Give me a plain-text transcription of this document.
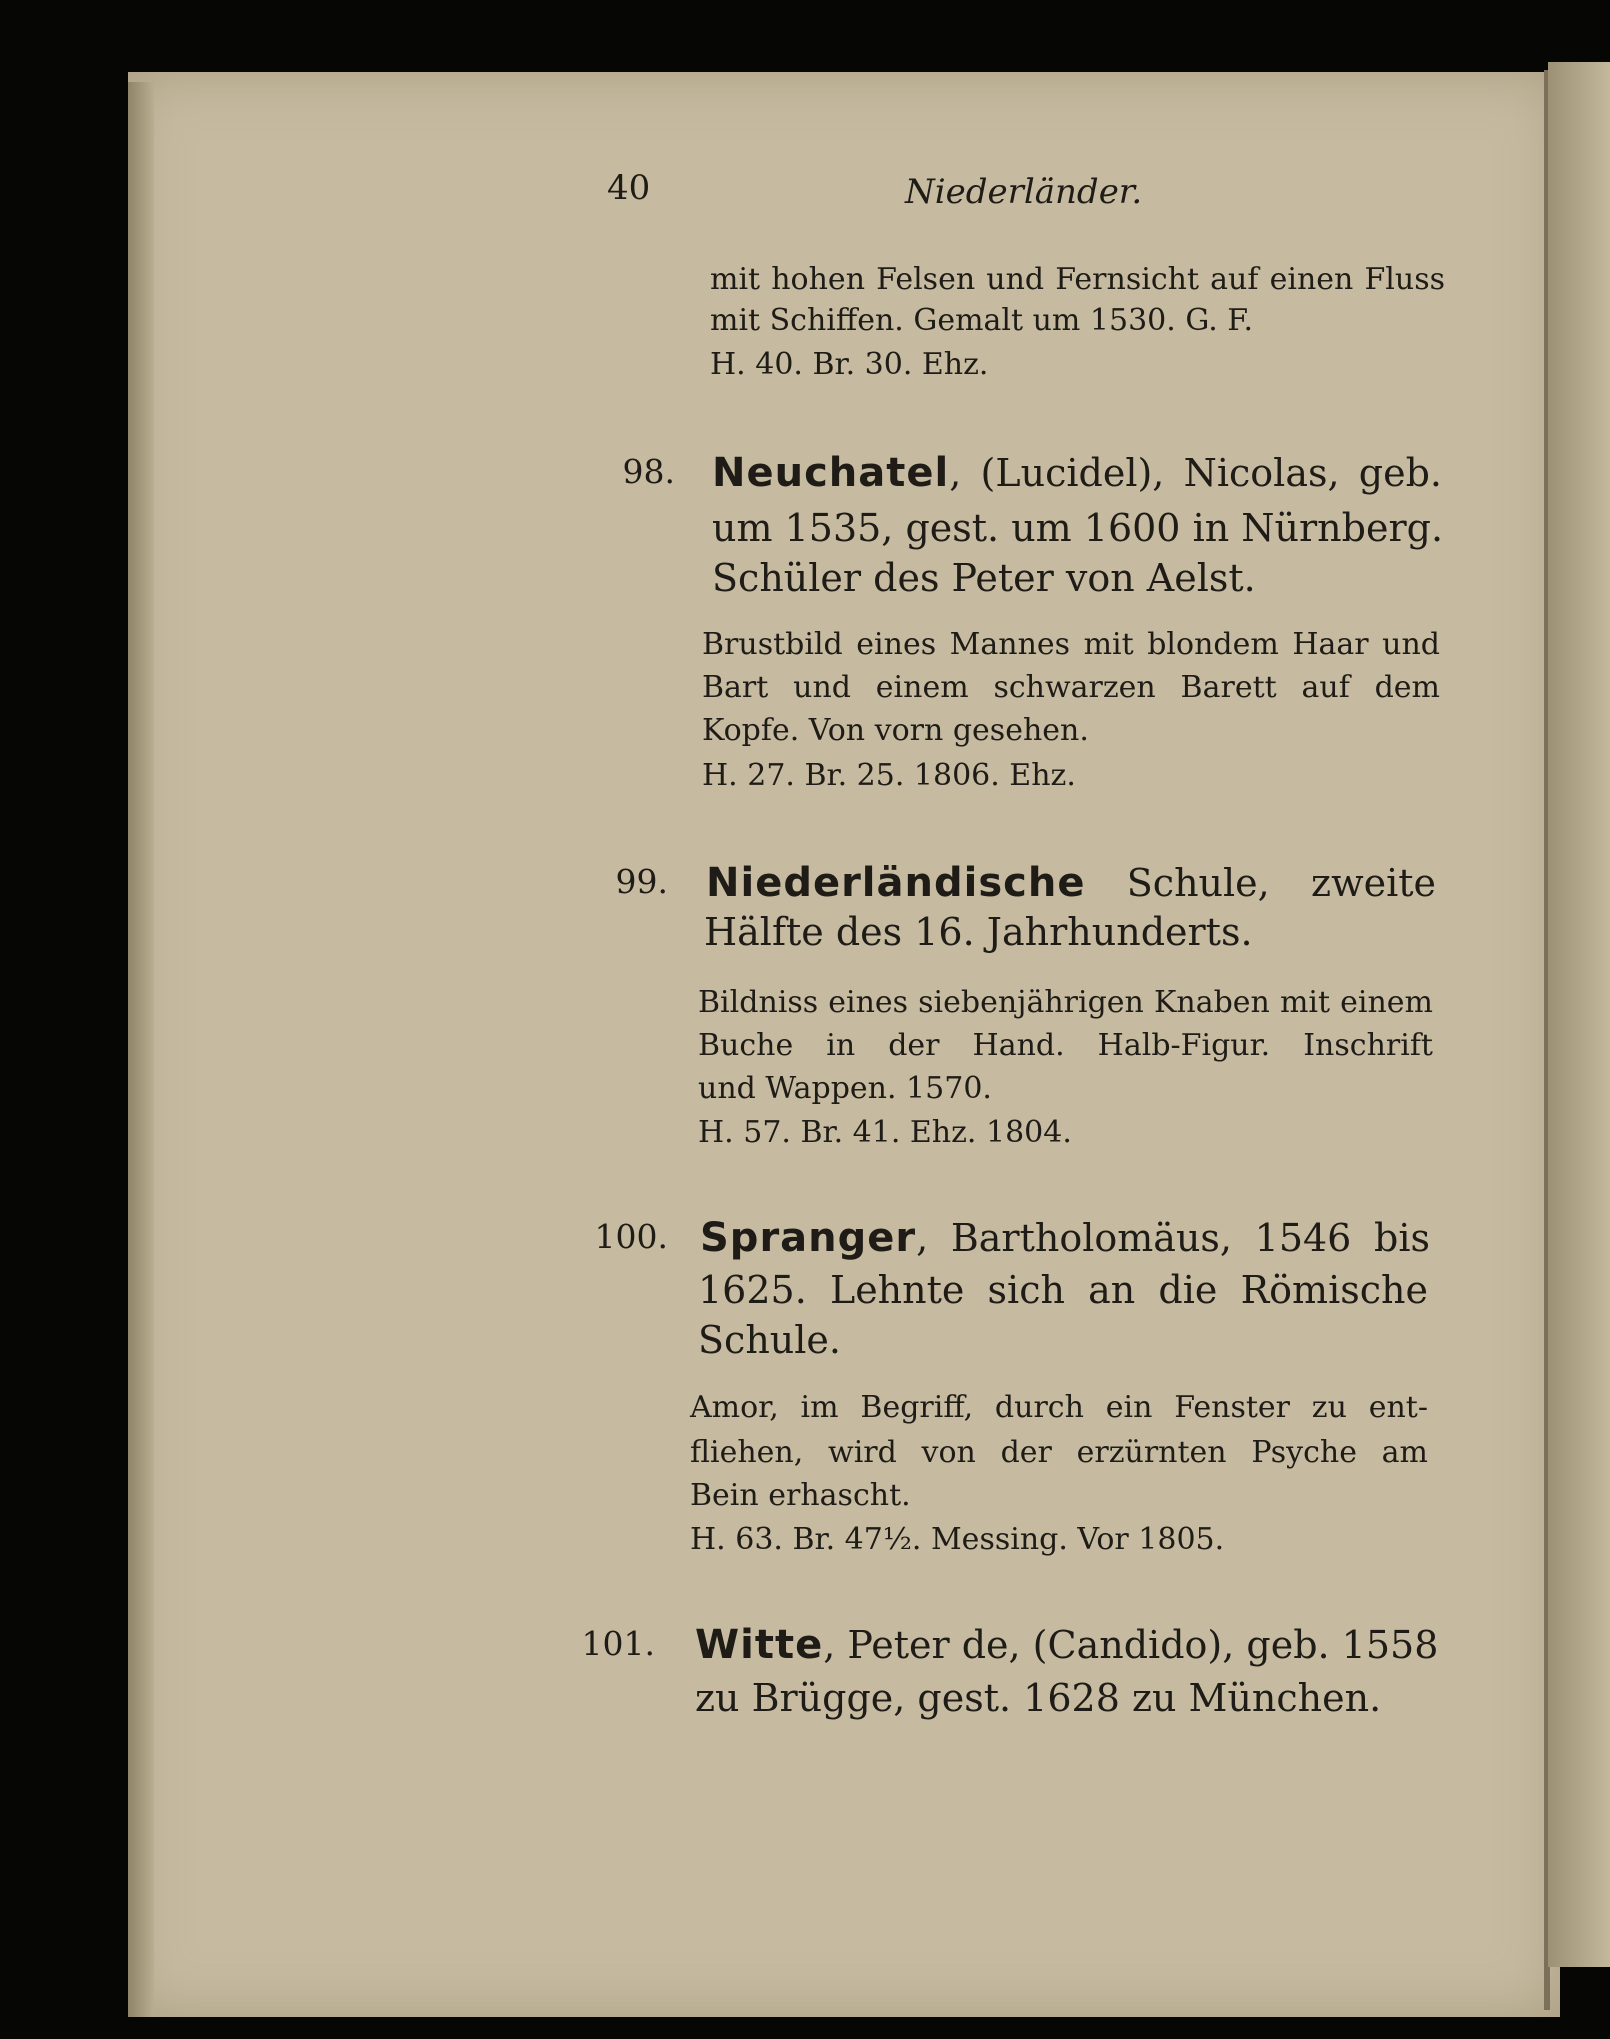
40	Niederländer.
mit hohen Felsen und Fernsicht auf einen Fluss
mit Schiffen. Gemalt um 1530. G. F.
H. 40. Br. 30. Ehz.
98. Neuchatel, (Lucidel), Nicolas, geb.
um 1535, gest. um 1600 in Nürnberg.
Schüler des Peter von Aelst.
Brustbild eines Mannes mit blondem Haar und
Bart und einem schwarzen Barett auf dem
Kopfe. Von vorn gesehen.
H. 27. Br. 25. 1806. Ehz.
99. Niederländische Schule, zweite
Hälfte des 16. Jahrhunderts.
Bildniss eines siebenjährigen Knaben mit einem
Buche in der Hand. Halb-Figur. Inschrift
und Wappen. 1570.
H. 57. Br. 41. Ehz. 1804.
100. Spranger, Bartholomäus, 1546 bis
1625. Lehnte sich an die Römische
Schule.
Amor, im Begriff, durch ein Fenster zu ent-
fliehen, wird von der erzürnten Psyche am
Bein erhascht.
H. 63. Br. 47½. Messing. Vor 1805.
101. Witte, Peter de, (Candido), geb. 1558
zu Brügge, gest. 1628 zu München.
